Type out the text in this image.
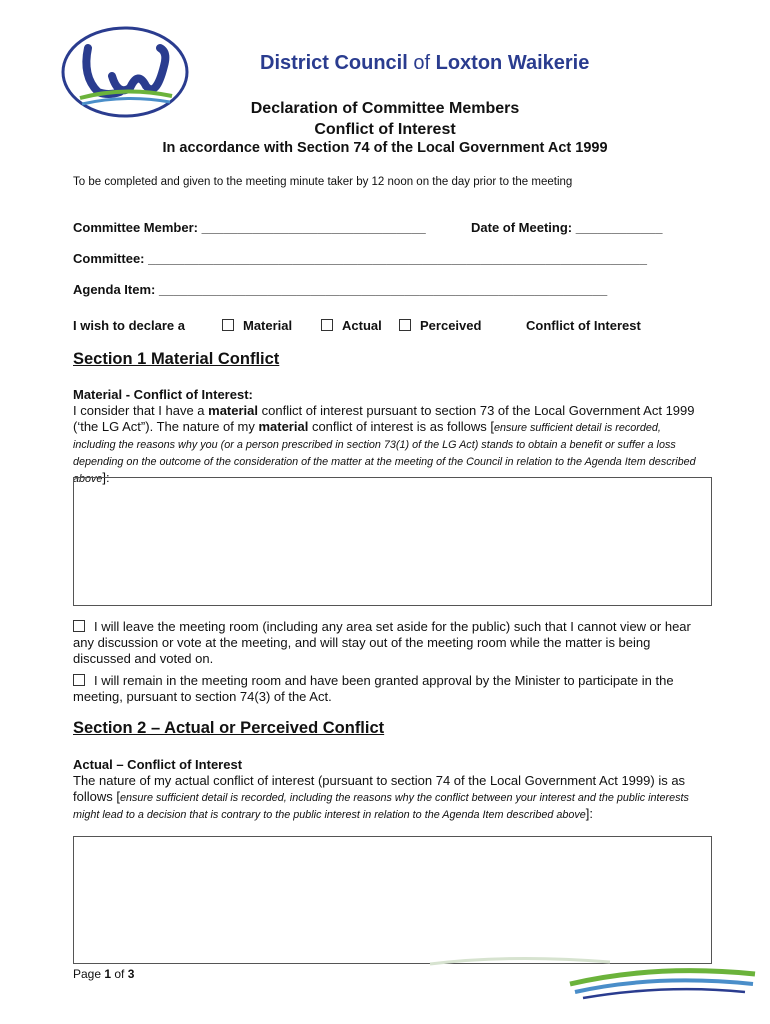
District Council of Loxton Waikerie
Declaration of Committee Members
Conflict of Interest
In accordance with Section 74 of the Local Government Act 1999
To be completed and given to the meeting minute taker by 12 noon on the day prior to the meeting
Committee Member: _______________________________	Date of Meeting: ____________
Committee: _____________________________________________________________________
Agenda Item: ______________________________________________________________
I wish to declare a	Material	Actual	Perceived	Conflict of Interest
Section 1 Material Conflict
Material - Conflict of Interest:
I consider that I have a material conflict of interest pursuant to section 73 of the Local Government Act 1999 (‘the LG Act”). The nature of my material conflict of interest is as follows [ensure sufficient detail is recorded, including the reasons why you (or a person prescribed in section 73(1) of the LG Act) stands to obtain a benefit or suffer a loss depending on the outcome of the consideration of the matter at the meeting of the Council in relation to the Agenda Item described above]:
I will leave the meeting room (including any area set aside for the public) such that I cannot view or hear any discussion or vote at the meeting, and will stay out of the meeting room while the matter is being discussed and voted on.
I will remain in the meeting room and have been granted approval by the Minister to participate in the meeting, pursuant to section 74(3) of the Act.
Section 2 – Actual or Perceived Conflict
Actual – Conflict of Interest
The nature of my actual conflict of interest (pursuant to section 74 of the Local Government Act 1999) is as follows [ensure sufficient detail is recorded, including the reasons why the conflict between your interest and the public interests might lead to a decision that is contrary to the public interest in relation to the Agenda Item described above]:
Page 1 of 3
